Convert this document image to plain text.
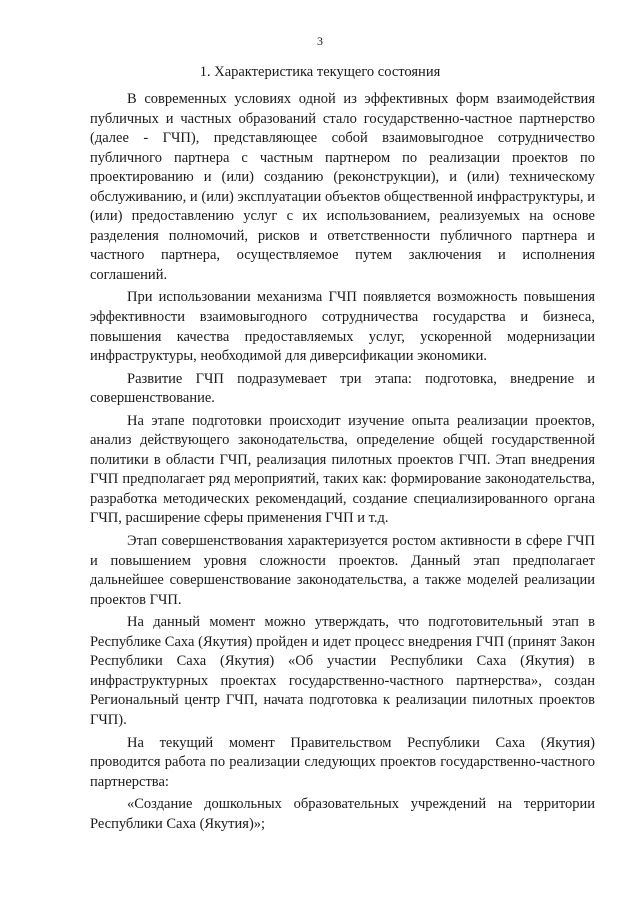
3
1. Характеристика текущего состояния

В современных условиях одной из эффективных форм взаимодействия публичных и частных образований стало государственно-частное партнерство (далее - ГЧП), представляющее собой взаимовыгодное сотрудничество публичного партнера с частным партнером по реализации проектов по проектированию и (или) созданию (реконструкции), и (или) техническому обслуживанию, и (или) эксплуатации объектов общественной инфраструктуры, и (или) предоставлению услуг с их использованием, реализуемых на основе разделения полномочий, рисков и ответственности публичного партнера и частного партнера, осуществляемое путем заключения и исполнения соглашений.

При использовании механизма ГЧП появляется возможность повышения эффективности взаимовыгодного сотрудничества государства и бизнеса, повышения качества предоставляемых услуг, ускоренной модернизации инфраструктуры, необходимой для диверсификации экономики.

Развитие ГЧП подразумевает три этапа: подготовка, внедрение и совершенствование.

На этапе подготовки происходит изучение опыта реализации проектов, анализ действующего законодательства, определение общей государственной политики в области ГЧП, реализация пилотных проектов ГЧП. Этап внедрения ГЧП предполагает ряд мероприятий, таких как: формирование законодательства, разработка методических рекомендаций, создание специализированного органа ГЧП, расширение сферы применения ГЧП и т.д.

Этап совершенствования характеризуется ростом активности в сфере ГЧП и повышением уровня сложности проектов. Данный этап предполагает дальнейшее совершенствование законодательства, а также моделей реализации проектов ГЧП.

На данный момент можно утверждать, что подготовительный этап в Республике Саха (Якутия) пройден и идет процесс внедрения ГЧП (принят Закон Республики Саха (Якутия) «Об участии Республики Саха (Якутия) в инфраструктурных проектах государственно-частного партнерства», создан Региональный центр ГЧП, начата подготовка к реализации пилотных проектов ГЧП).

На текущий момент Правительством Республики Саха (Якутия) проводится работа по реализации следующих проектов государственно-частного партнерства:

«Создание дошкольных образовательных учреждений на территории Республики Саха (Якутия)»;
